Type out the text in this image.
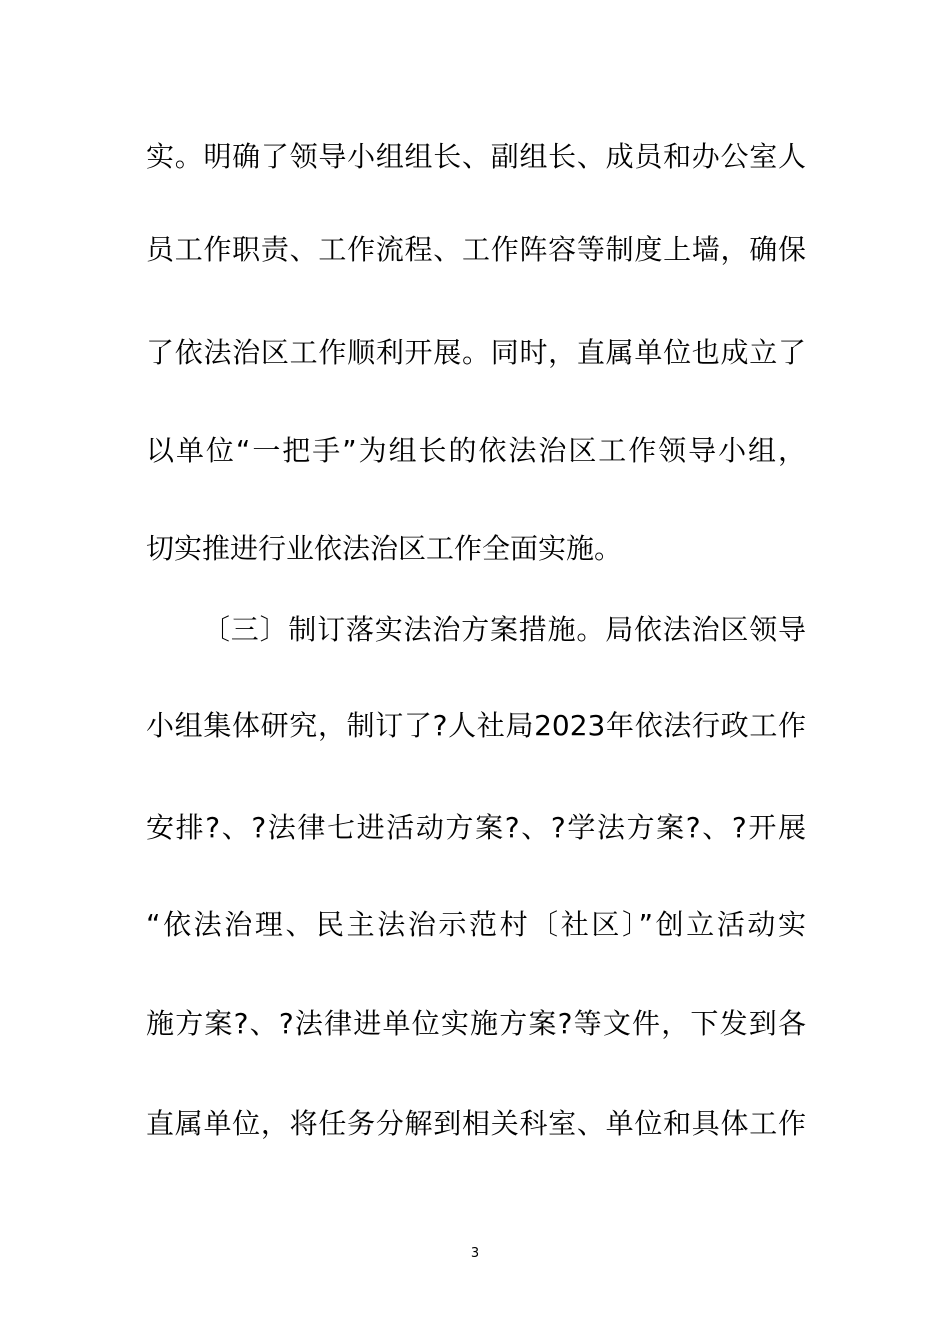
实。明确了领导小组组长、副组长、成员和办公室人
员工作职责、工作流程、工作阵容等制度上墙，确保
了依法治区工作顺利开展。同时，直属单位也成立了
以单位“一把手”为组长的依法治区工作领导小组，
切实推进行业依法治区工作全面实施。
〔三〕制订落实法治方案措施。局依法治区领导
小组集体研究，制订了?人社局2023年依法行政工作
安排?、?法律七进活动方案?、?学法方案?、?开展
“依法治理、民主法治示范村〔社区〕”创立活动实
施方案?、?法律进单位实施方案?等文件，下发到各
直属单位，将任务分解到相关科室、单位和具体工作
3
